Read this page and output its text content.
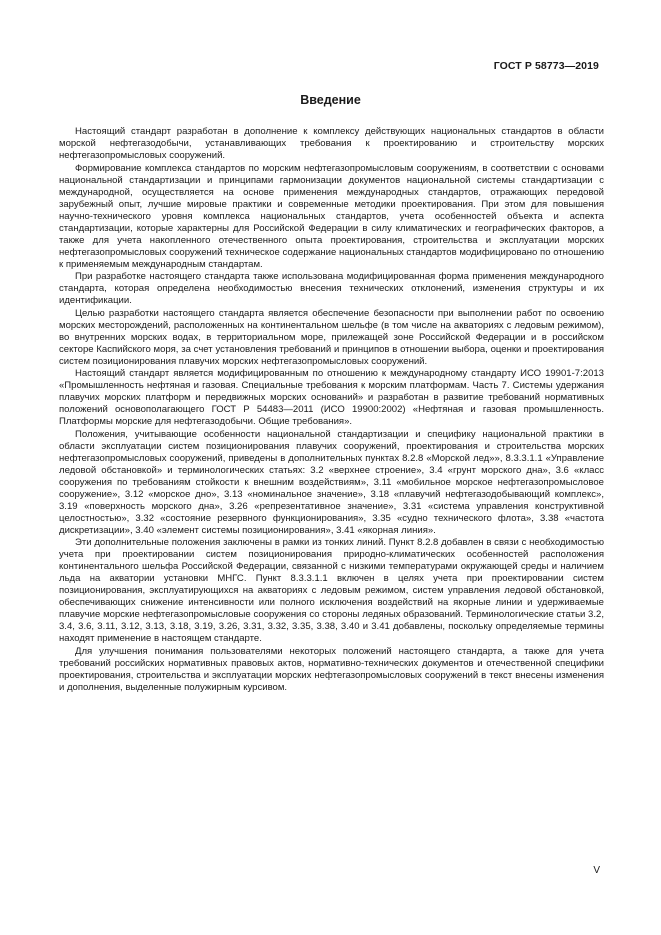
ГОСТ Р 58773—2019
Введение

Настоящий стандарт разработан в дополнение к комплексу действующих национальных стандартов в области морской нефтегазодобычи, устанавливающих требования к проектированию и строительству морских нефтегазопромысловых сооружений.

Формирование комплекса стандартов по морским нефтегазопромысловым сооружениям, в соответствии с основами национальной стандартизации и принципами гармонизации документов национальной системы стандартизации с международной, осуществляется на основе применения международных стандартов, отражающих передовой зарубежный опыт, лучшие мировые практики и современные методики проектирования. При этом для повышения научно-технического уровня комплекса национальных стандартов, учета особенностей объекта и аспекта стандартизации, которые характерны для Российской Федерации в силу климатических и географических факторов, а также для учета накопленного отечественного опыта проектирования, строительства и эксплуатации морских нефтегазопромысловых сооружений техническое содержание национальных стандартов модифицировано по отношению к применяемым международным стандартам.

При разработке настоящего стандарта также использована модифицированная форма применения международного стандарта, которая определена необходимостью внесения технических отклонений, изменения структуры и их идентификации.

Целью разработки настоящего стандарта является обеспечение безопасности при выполнении работ по освоению морских месторождений, расположенных на континентальном шельфе (в том числе на акваториях с ледовым режимом), во внутренних морских водах, в территориальном море, прилежащей зоне Российской Федерации и в российском секторе Каспийского моря, за счет установления требований и принципов в отношении выбора, оценки и проектирования систем позиционирования плавучих морских нефтегазопромысловых сооружений.

Настоящий стандарт является модифицированным по отношению к международному стандарту ИСО 19901-7:2013 «Промышленность нефтяная и газовая. Специальные требования к морским платформам. Часть 7. Системы удержания плавучих морских платформ и передвижных морских оснований» и разработан в развитие требований нормативных положений основополагающего ГОСТ Р 54483—2011 (ИСО 19900:2002) «Нефтяная и газовая промышленность. Платформы морские для нефтегазодобычи. Общие требования».

Положения, учитывающие особенности национальной стандартизации и специфику национальной практики в области эксплуатации систем позиционирования плавучих сооружений, проектирования и строительства морских нефтегазопромысловых сооружений, приведены в дополнительных пунктах 8.2.8 «Морской лед»», 8.3.3.1.1 «Управление ледовой обстановкой» и терминологических статьях: 3.2 «верхнее строение», 3.4 «грунт морского дна», 3.6 «класс сооружения по требованиям стойкости к внешним воздействиям», 3.11 «мобильное морское нефтегазопромысловое сооружение», 3.12 «морское дно», 3.13 «номинальное значение», 3.18 «плавучий нефтегазодобывающий комплекс», 3.19 «поверхность морского дна», 3.26 «репрезентативное значение», 3.31 «система управления конструктивной целостностью», 3.32 «состояние резервного функционирования», 3.35 «судно технического флота», 3.38 «частота дискретизации», 3.40 «элемент системы позиционирования», 3.41 «якорная линия».

Эти дополнительные положения заключены в рамки из тонких линий. Пункт 8.2.8 добавлен в связи с необходимостью учета при проектировании систем позиционирования природно-климатических особенностей расположения континентального шельфа Российской Федерации, связанной с низкими температурами окружающей среды и наличием льда на акватории установки МНГС. Пункт 8.3.3.1.1 включен в целях учета при проектировании систем позиционирования, эксплуатирующихся на акваториях с ледовым режимом, систем управления ледовой обстановкой, обеспечивающих снижение интенсивности или полного исключения воздействий на якорные линии и удерживаемые плавучие морские нефтегазопромысловые сооружения со стороны ледяных образований. Терминологические статьи 3.2, 3.4, 3.6, 3.11, 3.12, 3.13, 3.18, 3.19, 3.26, 3.31, 3.32, 3.35, 3.38, 3.40 и 3.41 добавлены, поскольку определяемые термины находят применение в настоящем стандарте.

Для улучшения понимания пользователями некоторых положений настоящего стандарта, а также для учета требований российских нормативных правовых актов, нормативно-технических документов и отечественной специфики проектирования, строительства и эксплуатации морских нефтегазопромысловых сооружений в текст внесены изменения и дополнения, выделенные полужирным курсивом.

V
